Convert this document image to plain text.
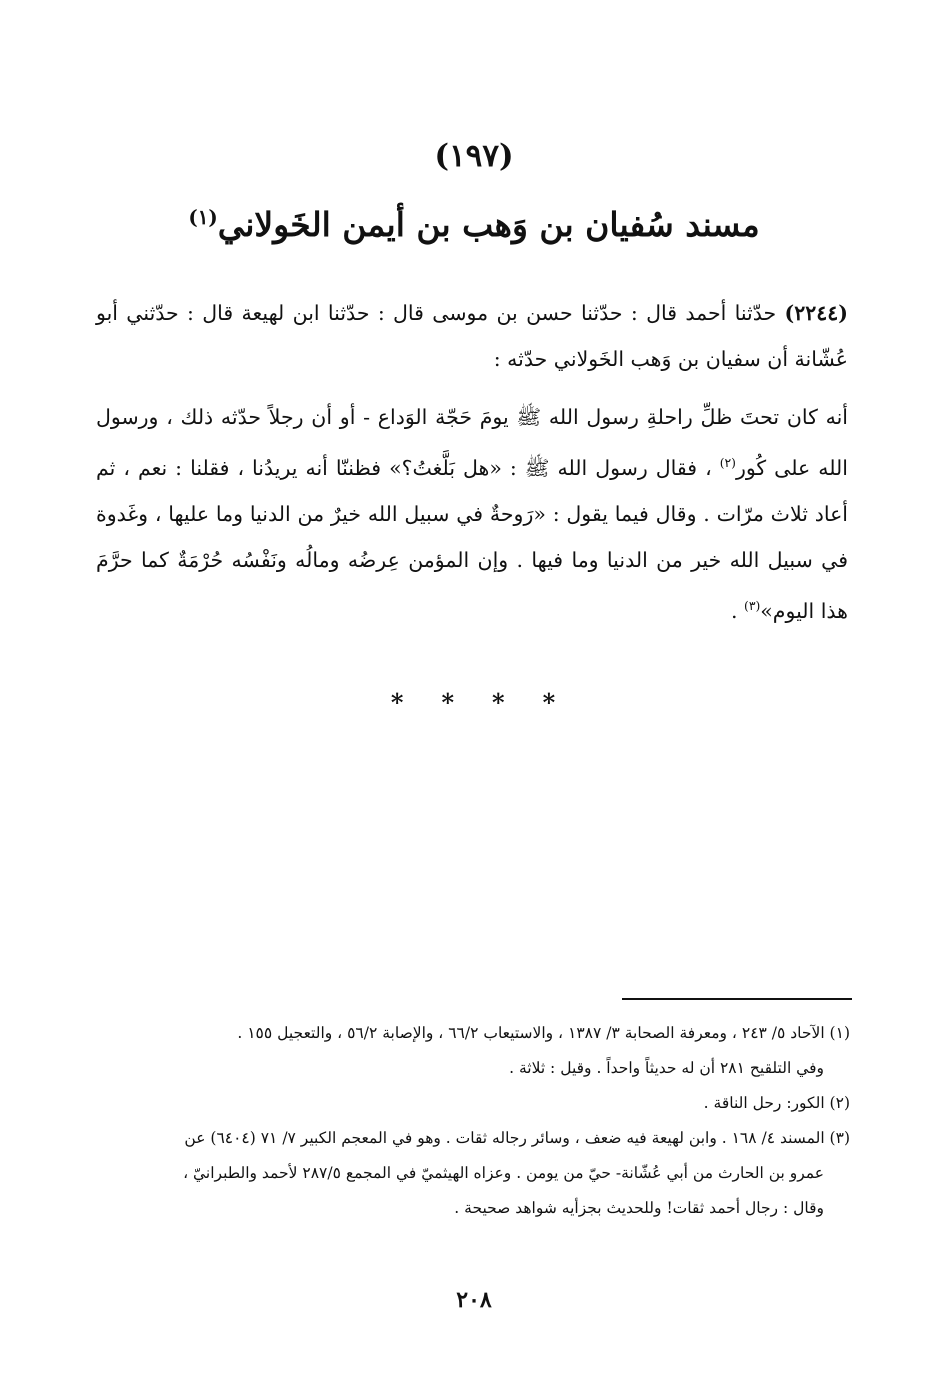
(١٩٧)
مسند سُفيان بن وَهب بن أيمن الخَولاني$^{(١)}$

(٢٢٤٤) حدّثنا أحمد قال : حدّثنا حسن بن موسى قال : حدّثنا ابن لهيعة قال : حدّثني أبو عُشّانة أن سفيان بن وَهب الخَولاني حدّثه :

أنه كان تحتَ ظلِّ راحلةِ رسول الله ﷺ يومَ حَجّة الوَداع - أو أن رجلاً حدّثه ذلك ، ورسول الله على كُور$^{(٢)}$ ، فقال رسول الله ﷺ : «هل بَلَّغتُ؟» فظننّا أنه يريدُنا ، فقلنا : نعم ، ثم أعاد ثلاث مرّات . وقال فيما يقول : «رَوحةٌ في سبيل الله خيرٌ من الدنيا وما عليها ، وغَدوة في سبيل الله خير من الدنيا وما فيها . وإن المؤمن عِرضُه ومالُه ونَفْسُه حُرْمَةٌ كما حرَّمَ هذا اليوم»$^{(٣)}$ .

****

(١) الآحاد ٥/ ٢٤٣ ، ومعرفة الصحابة ٣/ ١٣٨٧ ، والاستيعاب ٦٦/٢ ، والإصابة ٥٦/٢ ، والتعجيل ١٥٥ .

وفي التلقيح ٢٨١ أن له حديثاً واحداً . وقيل : ثلاثة .

(٢) الكور: رحل الناقة .

(٣) المسند ٤/ ١٦٨ . وابن لهيعة فيه ضعف ، وسائر رجاله ثقات . وهو في المعجم الكبير ٧/ ٧١ (٦٤٠٤) عن

عمرو بن الحارث من أبي عُشّانة- حيّ من يومن . وعزاه الهيثميّ في المجمع ٢٨٧/٥ لأحمد والطبرانيّ ،

وقال : رجال أحمد ثقات! وللحديث بجزأيه شواهد صحيحة .

٢٠٨
